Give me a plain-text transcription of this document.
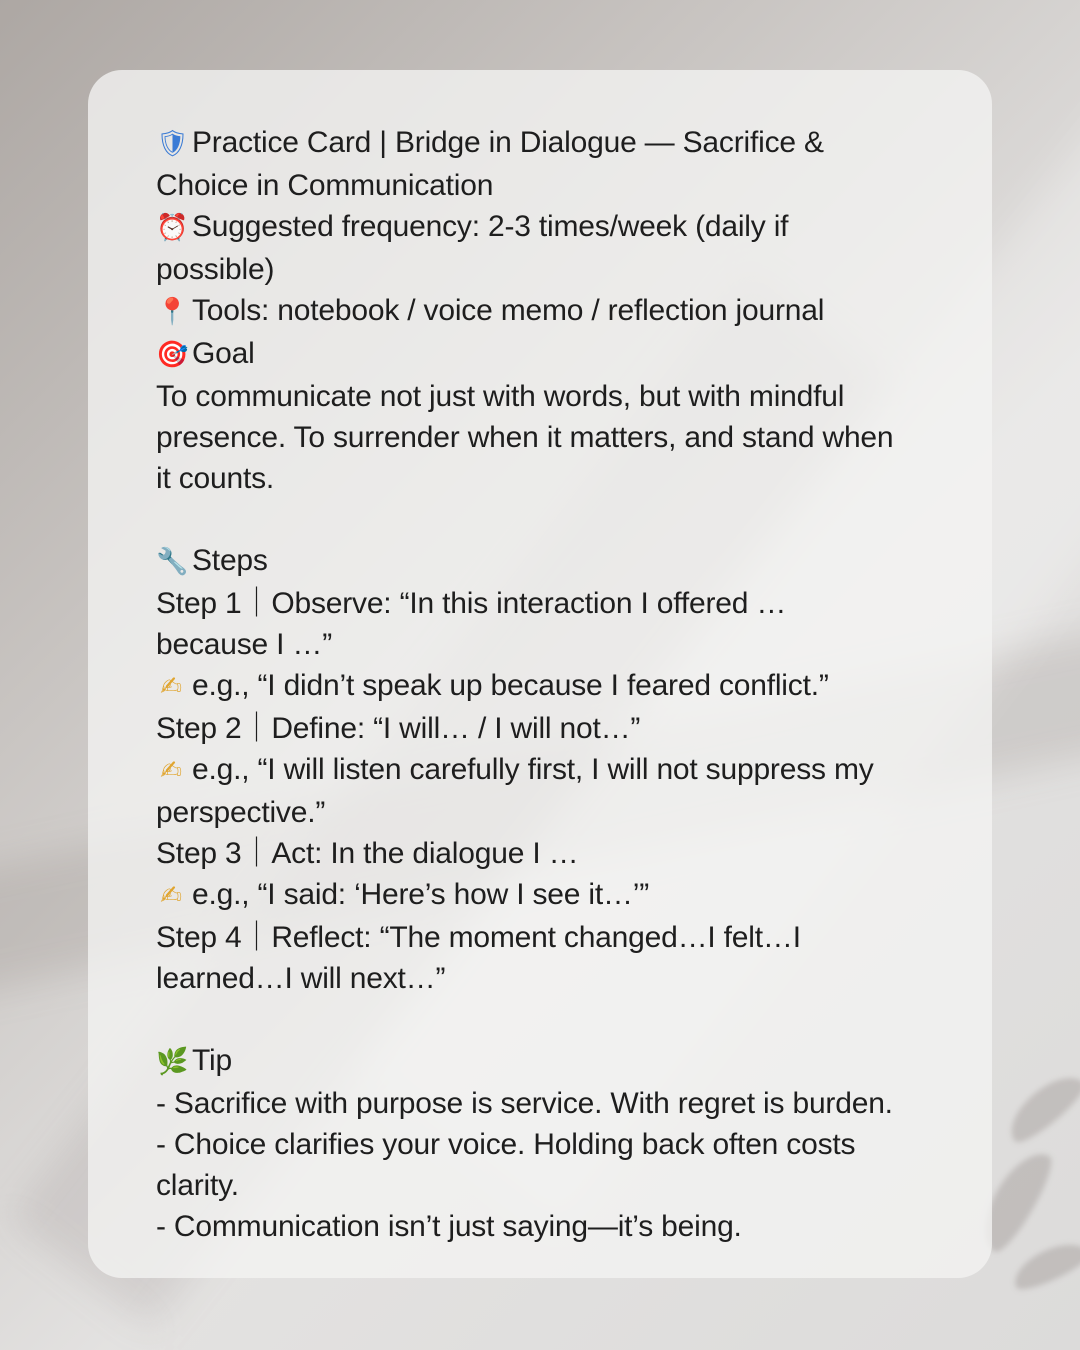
🛡 Practice Card | Bridge in Dialogue — Sacrifice &
Choice in Communication
⏰ Suggested frequency: 2-3 times/week (daily if
possible)
📍 Tools: notebook / voice memo / reflection journal
🎯 Goal
To communicate not just with words, but with mindful
presence. To surrender when it matters, and stand when
it counts.
🔧 Steps
Step 1｜Observe: “In this interaction I offered …
because I …”
✍ e.g., “I didn’t speak up because I feared conflict.”
Step 2｜Define: “I will… / I will not…”
✍ e.g., “I will listen carefully first, I will not suppress my
perspective.”
Step 3｜Act: In the dialogue I …
✍ e.g., “I said: ‘Here’s how I see it…’”
Step 4｜Reflect: “The moment changed…I felt…I
learned…I will next…”
🌿 Tip
- Sacrifice with purpose is service. With regret is burden.
- Choice clarifies your voice. Holding back often costs
clarity.
- Communication isn’t just saying—it’s being.
